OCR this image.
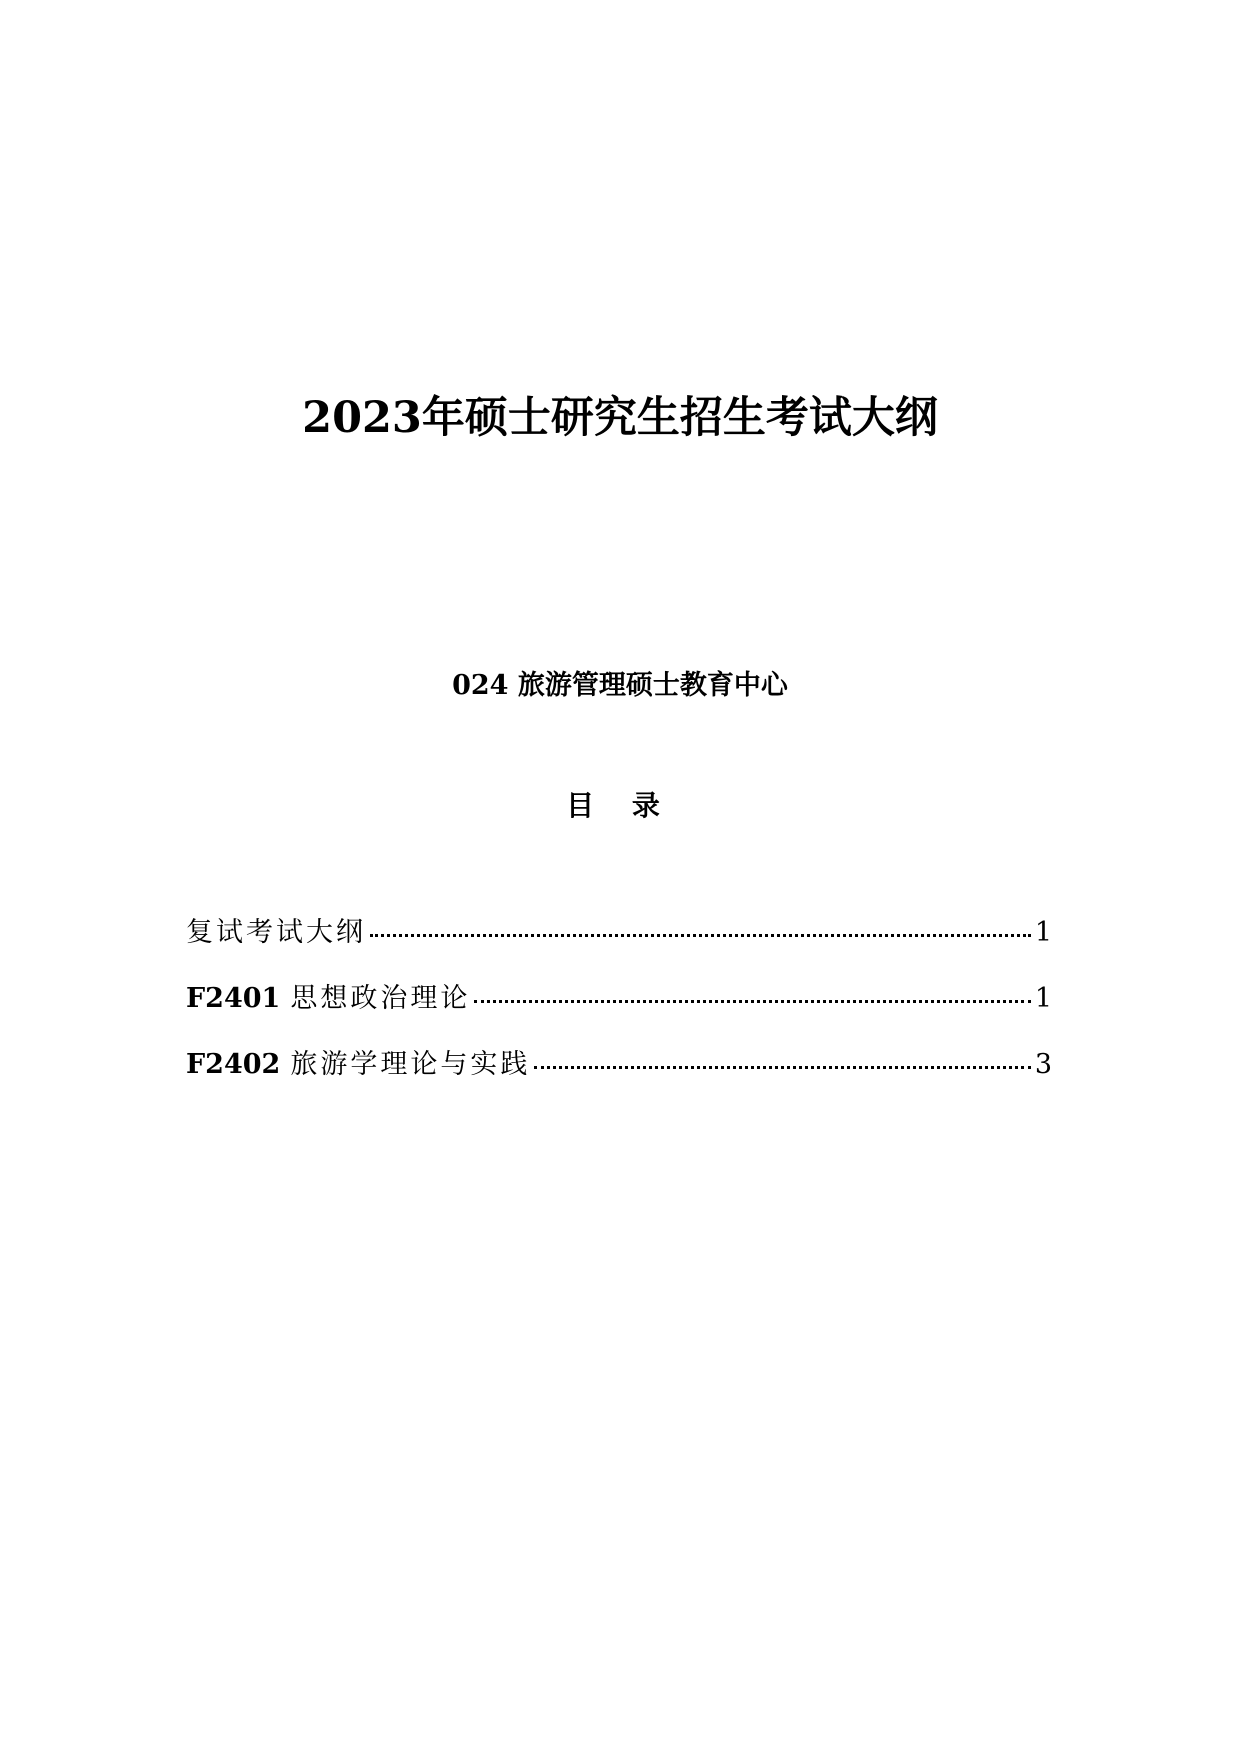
2023年硕士研究生招生考试大纲
024 旅游管理硕士教育中心
目 录
复试考试大纲	1
F2401 思想政治理论	1
F2402 旅游学理论与实践	3
